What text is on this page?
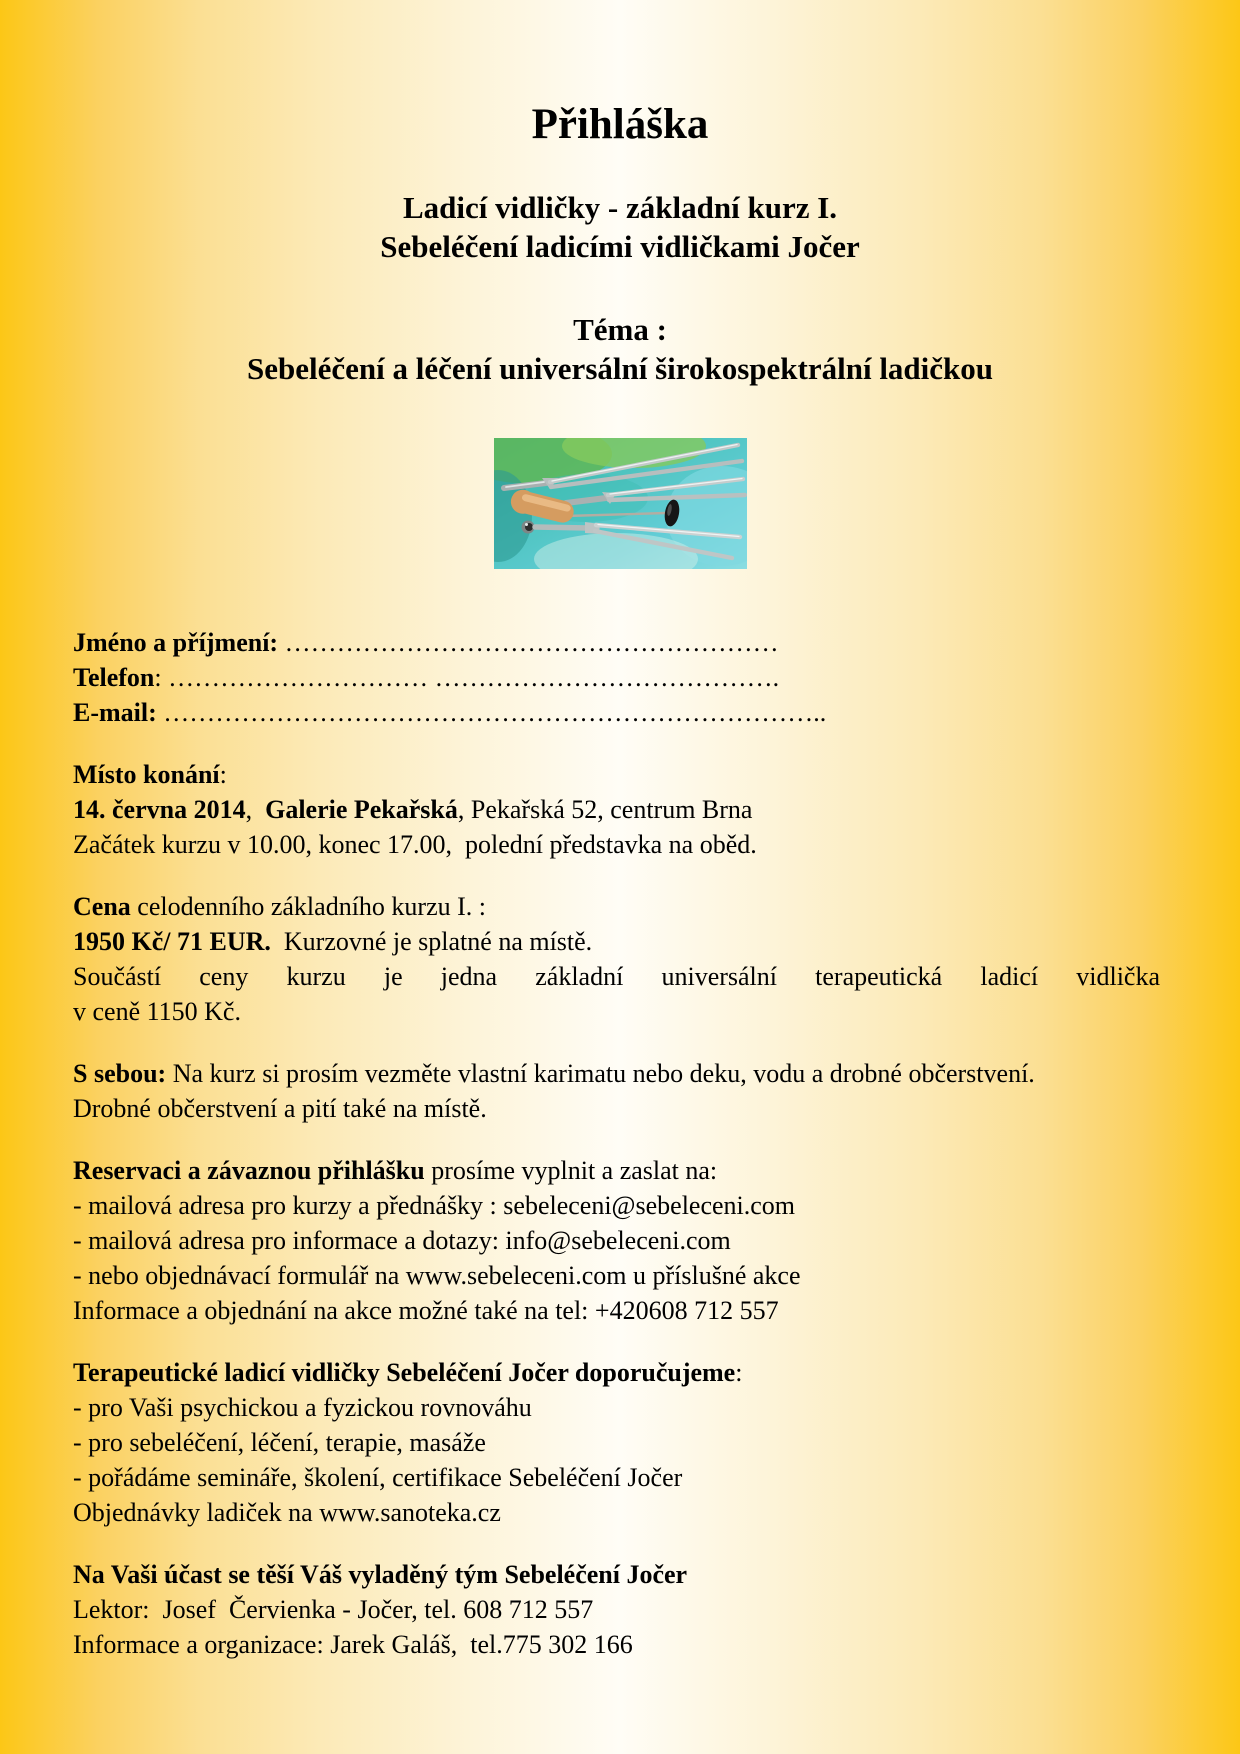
Přihláška
Ladicí vidličky - základní kurz I.
Sebeléčení ladicími vidličkami Jočer
Téma :
Sebeléčení a léčení universální širokospektrální ladičkou

Jméno a příjmení: …………………………………………………

Telefon: ………………………… ………………………………….

E-mail: …………………………………………………………………..

Místo konání:

14. června 2014,  Galerie Pekařská, Pekařská 52, centrum Brna

Začátek kurzu v 10.00, konec 17.00,  polední představka na oběd.

Cena celodenního základního kurzu I. :

1950 Kč/ 71 EUR.  Kurzovné je splatné na místě.

Součástí ceny kurzu je jedna základní universální terapeutická ladicí vidlička

v ceně 1150 Kč.

S sebou: Na kurz si prosím vezměte vlastní karimatu nebo deku, vodu a drobné občerstvení.

Drobné občerstvení a pití také na místě.

Reservaci a závaznou přihlášku prosíme vyplnit a zaslat na:

- mailová adresa pro kurzy a přednášky : sebeleceni@sebeleceni.com

- mailová adresa pro informace a dotazy: info@sebeleceni.com

- nebo objednávací formulář na www.sebeleceni.com u příslušné akce

Informace a objednání na akce možné také na tel: +420608 712 557

Terapeutické ladicí vidličky Sebeléčení Jočer doporučujeme:

- pro Vaši psychickou a fyzickou rovnováhu

- pro sebeléčení, léčení, terapie, masáže

- pořádáme semináře, školení, certifikace Sebeléčení Jočer

Objednávky ladiček na www.sanoteka.cz

Na Vaši účast se těší Váš vyladěný tým Sebeléčení Jočer

Lektor:  Josef  Červienka - Jočer, tel. 608 712 557

Informace a organizace: Jarek Galáš,  tel.775 302 166
